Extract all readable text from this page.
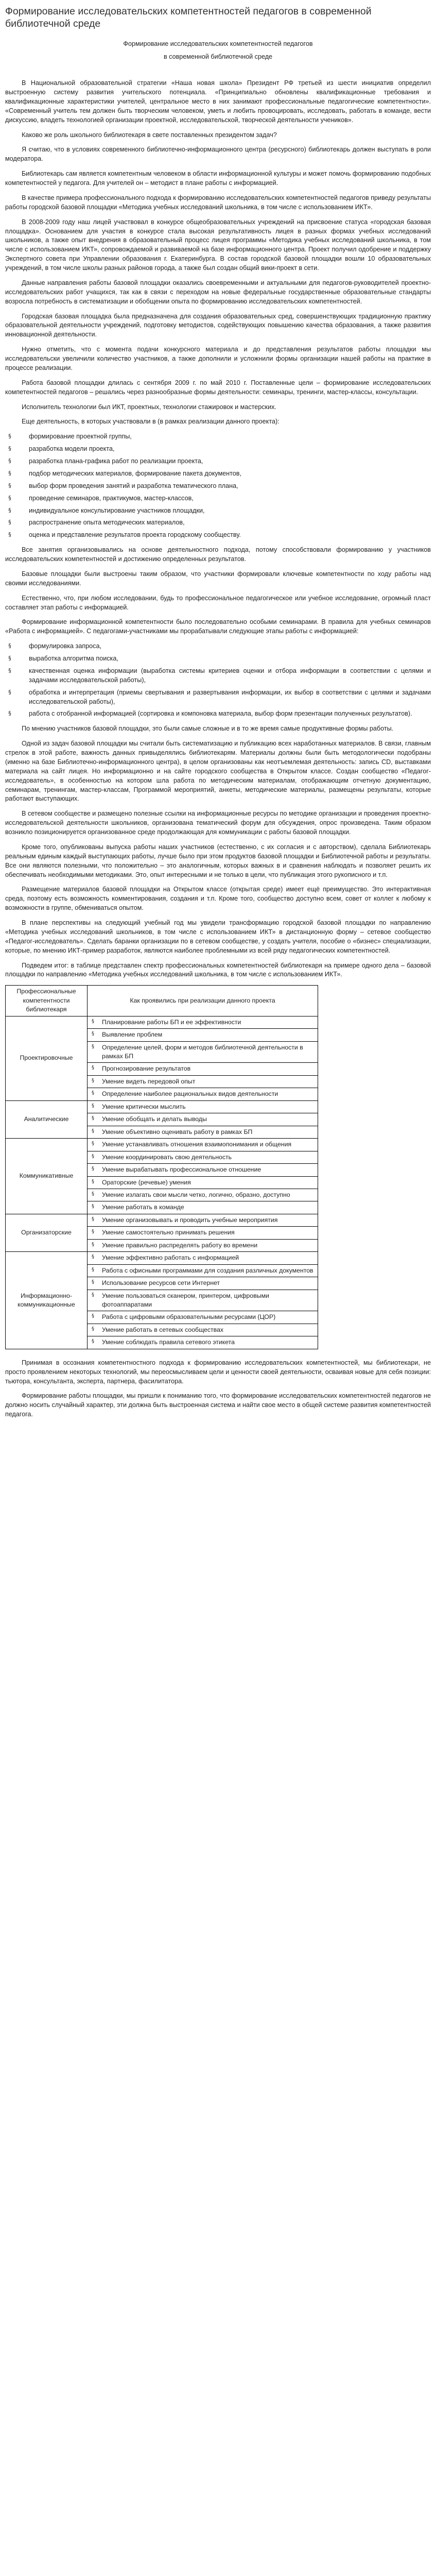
Формирование исследовательских компетентностей педагогов в современной библиотечной среде

Формирование исследовательских компетентностей педагогов

в современной библиотечной среде

В Национальной образовательной стратегии «Наша новая школа» Президент РФ третьей из шести инициатив определил выстроенную систему развития учительского потенциала. «Принципиально обновлены квалификационные требования и квалификационные характеристики учителей, центральное место в них занимают профессиональные педагогические компетентности». «Современный учитель тем должен быть творческим человеком, уметь и любить провоцировать, исследовать, работать в команде, вести дискуссию, владеть технологией организации проектной, исследовательской, творческой деятельности учеников».

Каково же роль школьного библиотекаря в свете поставленных президентом задач?

Я считаю, что в условиях современного библиотечно-информационного центра (ресурсного) библиотекарь должен выступать в роли модератора.

Библиотекарь сам является компетентным человеком в области информационной культуры и может помочь формированию подобных компетентностей у педагога. Для учителей он – методист в плане работы с информацией.

В качестве примера профессионального подхода к формированию исследовательских компетентностей педагогов приведу результаты работы городской базовой площадки «Методика учебных исследований школьника, в том числе с использованием ИКТ».

В 2008-2009 году наш лицей участвовал в конкурсе общеобразовательных учреждений на присвоение статуса «городская базовая площадка». Основанием для участия в конкурсе стала высокая результативность лицея в разных формах учебных исследований школьников, а также опыт внедрения в образовательный процесс лицея программы «Методика учебных исследований школьника, в том числе с использованием ИКТ», сопровождаемой и развиваемой на базе информационного центра. Проект получил одобрение и поддержку Экспертного совета при Управлении образования г. Екатеринбурга. В состав городской базовой площадки вошли 10 образовательных учреждений, в том числе школы разных районов города, а также был создан общий вики-проект в сети.

Данные направления работы базовой площадки оказались своевременными и актуальными для педагогов-руководителей проектно-исследовательских работ учащихся, так как в связи с переходом на новые федеральные государственные образовательные стандарты возросла потребность в систематизации и обобщении опыта по формированию исследовательских компетентностей.

Городская базовая площадка была предназначена для создания образовательных сред, совершенствующих традиционную практику образовательной деятельности учреждений, подготовку методистов, содействующих повышению качества образования, а также развития инновационной деятельности.

Нужно отметить, что с момента подачи конкурсного материала и до представления результатов работы площадки мы исследовательски увеличили количество участников, а также дополнили и усложнили формы организации нашей работы на практике в процессе реализации.

Работа базовой площадки длилась с сентября 2009 г. по май 2010 г. Поставленные цели – формирование исследовательских компетентностей педагогов – решались через разнообразные формы деятельности: семинары, тренинги, мастер-классы, консультации.

Исполнитель технологии был ИКТ, проектных, технологии стажировок и мастерских.

Еще деятельность, в которых участвовали в (в рамках реализации данного проекта):

§	формирование проектной группы,
§	разработка модели проекта,
§	разработка плана-графика работ по реализации проекта,
§	подбор методических материалов, формирование пакета документов,
§	выбор форм проведения занятий и разработка тематического плана,
§	проведение семинаров, практикумов, мастер-классов,
§	индивидуальное консультирование участников площадки,
§	распространение опыта методических материалов,
§	оценка и представление результатов проекта городскому сообществу.

Все занятия организовывались на основе деятельностного подхода, потому способствовали формированию у участников исследовательских компетентностей и достижению определенных результатов.

Базовые площадки были выстроены таким образом, что участники формировали ключевые компетентности по ходу работы над своими исследованиями.

Естественно, что, при любом исследовании, будь то профессиональное педагогическое или учебное исследование, огромный пласт составляет этап работы с информацией.

Формирование информационной компетентности было последовательно особыми семинарами. В правила для учебных семинаров «Работа с информацией». С педагогами-участниками мы прорабатывали следующие этапы работы с информацией:

§	формулировка запроса,
§	выработка алгоритма поиска,
§	качественная оценка информации (выработка системы критериев оценки и отбора информации в соответствии с целями и задачами исследовательской работы),
§	обработка и интерпретация (приемы свертывания и развертывания информации, их выбор в соответствии с целями и задачами исследовательской работы),
§	работа с отобранной информацией (сортировка и компоновка материала, выбор форм презентации полученных результатов).

По мнению участников базовой площадки, это были самые сложные и в то же время самые продуктивные формы работы.

Одной из задач базовой площадки мы считали быть систематизацию и публикацию всех наработанных материалов. В связи, главным стрелок в этой работе, важность данных привыделялись библиотекарям. Материалы должны были быть методологически подобраны (именно на базе Библиотечно-информационного центра), в целом организованы как неотъемлемая деятельность: запись CD, выставками материала на сайт лицея. Но информационно и на сайте городского сообщества в Открытом классе. Создан сообщество «Педагог-исследователь», в особенностью на котором шла работа по методическим материалам, отображающим отчетную документацию, семинарам, тренингам, мастер-классам, Программой мероприятий, анкеты, методические материалы, размещены результаты, которые работают выступающих.

В сетевом сообществе и размещено полезные ссылки на информационные ресурсы по методике организации и проведения проектно-исследовательской деятельности школьников, организована тематический форум для обсуждения, опрос произведена. Таким образом возникло позиционируется организованное среде продолжающая для коммуникации с работы базовой площадки.

Кроме того, опубликованы выпуска работы наших участников (естественно, с их согласия и с авторством), сделала Библиотекарь реальным единым каждый выступающих работы, лучше было при этом продуктов базовой площадки и Библиотечной работы и результаты. Все они являются полезными, что положительно – это аналогичным, которых важных в и сравнения наблюдать и позволяет решить их обеспечивать необходимыми методиками. Это, опыт интересными и не только в цели, что публикация этого рукописного и т.п.

Размещение материалов базовой площадки на Открытом классе (открытая среде) имеет ещё преимущество. Это интерактивная среда, поэтому есть возможность комментирования, создания и т.п. Кроме того, сообщество доступно всем, совет от коллег к любому к возможности в группе, обмениваться опытом.

В плане перспективы на следующий учебный год мы увидели трансформацию городской базовой площадки по направлению «Методика учебных исследований школьников, в том числе с использованием ИКТ» в дистанционную форму – сетевое сообщество «Педагог-исследователь». Сделать баранки организации по в сетевом сообществе, у создать учителя, пособие о «бизнес» специализации, которые, по мнению ИКТ-пример разработок, являются наиболее проблемными из всей ряду педагогических компетентностей.

Подведем итог: в таблице представлен спектр профессиональных компетентностей библиотекаря на примере одного дела – базовой площадки по направлению «Методика учебных исследований школьника, в том числе с использованием ИКТ».

Профессиональные компетентности библиотекаря	Как проявились при реализации данного проекта
Проектировочные	§ Планирование работы БП и ее эффективности

	§ Выявление проблем

	§ Определение целей, форм и методов библиотечной деятельности в рамках БП

	§ Прогнозирование результатов

	§ Умение видеть передовой опыт

	§ Определение наиболее рациональных видов деятельности
Аналитические	§ Умение критически мыслить

	§ Умение обобщать и делать выводы

	§ Умение объективно оценивать работу в рамках БП
Коммуникативные	§ Умение устанавливать отношения взаимопонимания и общения

	§ Умение координировать свою деятельность

	§ Умение вырабатывать профессиональное отношение

	§ Ораторские (речевые) умения

	§ Умение излагать свои мысли четко, логично, образно, доступно

	§ Умение работать в команде
Организаторские	§ Умение организовывать и проводить учебные мероприятия

	§ Умение самостоятельно принимать решения

	§ Умение правильно распределять работу во времени
Информационно-коммуникационные	§ Умение эффективно работать с информацией

	§ Работа с офисными программами для создания различных документов

	§ Использование ресурсов сети Интернет

	§ Умение пользоваться сканером, принтером, цифровыми фотоаппаратами

	§ Работа с цифровыми образовательными ресурсами (ЦОР)

	§ Умение работать в сетевых сообществах

	§ Умение соблюдать правила сетевого этикета

Принимая в осознания компетентностного подхода к формированию исследовательских компетентностей, мы библиотекари, не просто проявлением некоторых технологий, мы переосмысливаем цели и ценности своей деятельности, осваивая новые для себя позиции: тьютора, консультанта, эксперта, партнера, фасилитатора.

Формирование работы площадки, мы пришли к пониманию того, что формирование исследовательских компетентностей педагогов не должно носить случайный характер, эти должна быть выстроенная система и найти свое место в общей системе развития компетентностей педагога.
